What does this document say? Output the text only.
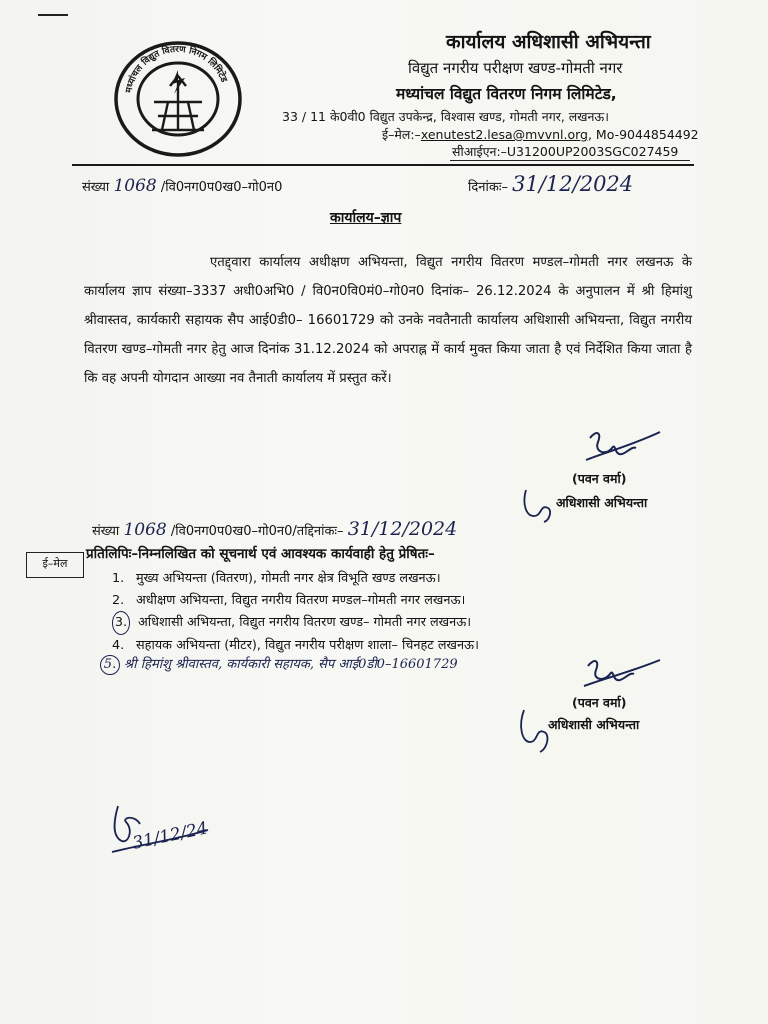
मध्यांचल विद्युत वितरण निगम लिमिटेड
कार्यालय अधिशासी अभियन्ता
विद्युत नगरीय परीक्षण खण्ड-गोमती नगर
मध्यांचल विद्युत वितरण निगम लिमिटेड,
33 / 11 के0वी0 विद्युत उपकेन्द्र, विश्वास खण्ड, गोमती नगर, लखनऊ।
ई–मेल:–xenutest2.lesa@mvvnl.org, Mo-9044854492
सीआईएन:–U31200UP2003SGC027459
संख्या 1068 /वि0नग0प0ख0–गो0न0	दिनांकः– 31/12/2024
कार्यालय–ज्ञाप
एतद्द्वारा कार्यालय अधीक्षण अभियन्ता, विद्युत नगरीय वितरण मण्डल–गोमती नगर लखनऊ के कार्यालय ज्ञाप संख्या–3337 अधी0अभि0 / वि0न0वि0मं0–गो0न0 दिनांक– 26.12.2024 के अनुपालन में श्री हिमांशु श्रीवास्तव, कार्यकारी सहायक सैप आई0डी0– 16601729 को उनके नवतैनाती कार्यालय अधिशासी अभियन्ता, विद्युत नगरीय वितरण खण्ड–गोमती नगर हेतु आज दिनांक 31.12.2024 को अपराह्न में कार्य मुक्त किया जाता है एवं निर्देशित किया जाता है कि वह अपनी योगदान आख्या नव तैनाती कार्यालय में प्रस्तुत करें।
(पवन वर्मा)
अधिशासी अभियन्ता
संख्या 1068 /वि0नग0प0ख0–गो0न0/तद्दिनांकः– 31/12/2024
ई–मेल
प्रतिलिपिः–निम्नलिखित को सूचनार्थ एवं आवश्यक कार्यवाही हेतु प्रेषितः–
1. मुख्य अभियन्ता (वितरण), गोमती नगर क्षेत्र विभूति खण्ड लखनऊ।
2. अधीक्षण अभियन्ता, विद्युत नगरीय वितरण मण्डल–गोमती नगर लखनऊ।
3. अधिशासी अभियन्ता, विद्युत नगरीय वितरण खण्ड– गोमती नगर लखनऊ।
4. सहायक अभियन्ता (मीटर), विद्युत नगरीय परीक्षण शाला– चिनहट लखनऊ।
5. श्री हिमांशु श्रीवास्तव, कार्यकारी सहायक, सैप आई0डी0–16601729
(पवन वर्मा)
अधिशासी अभियन्ता
31/12/24
